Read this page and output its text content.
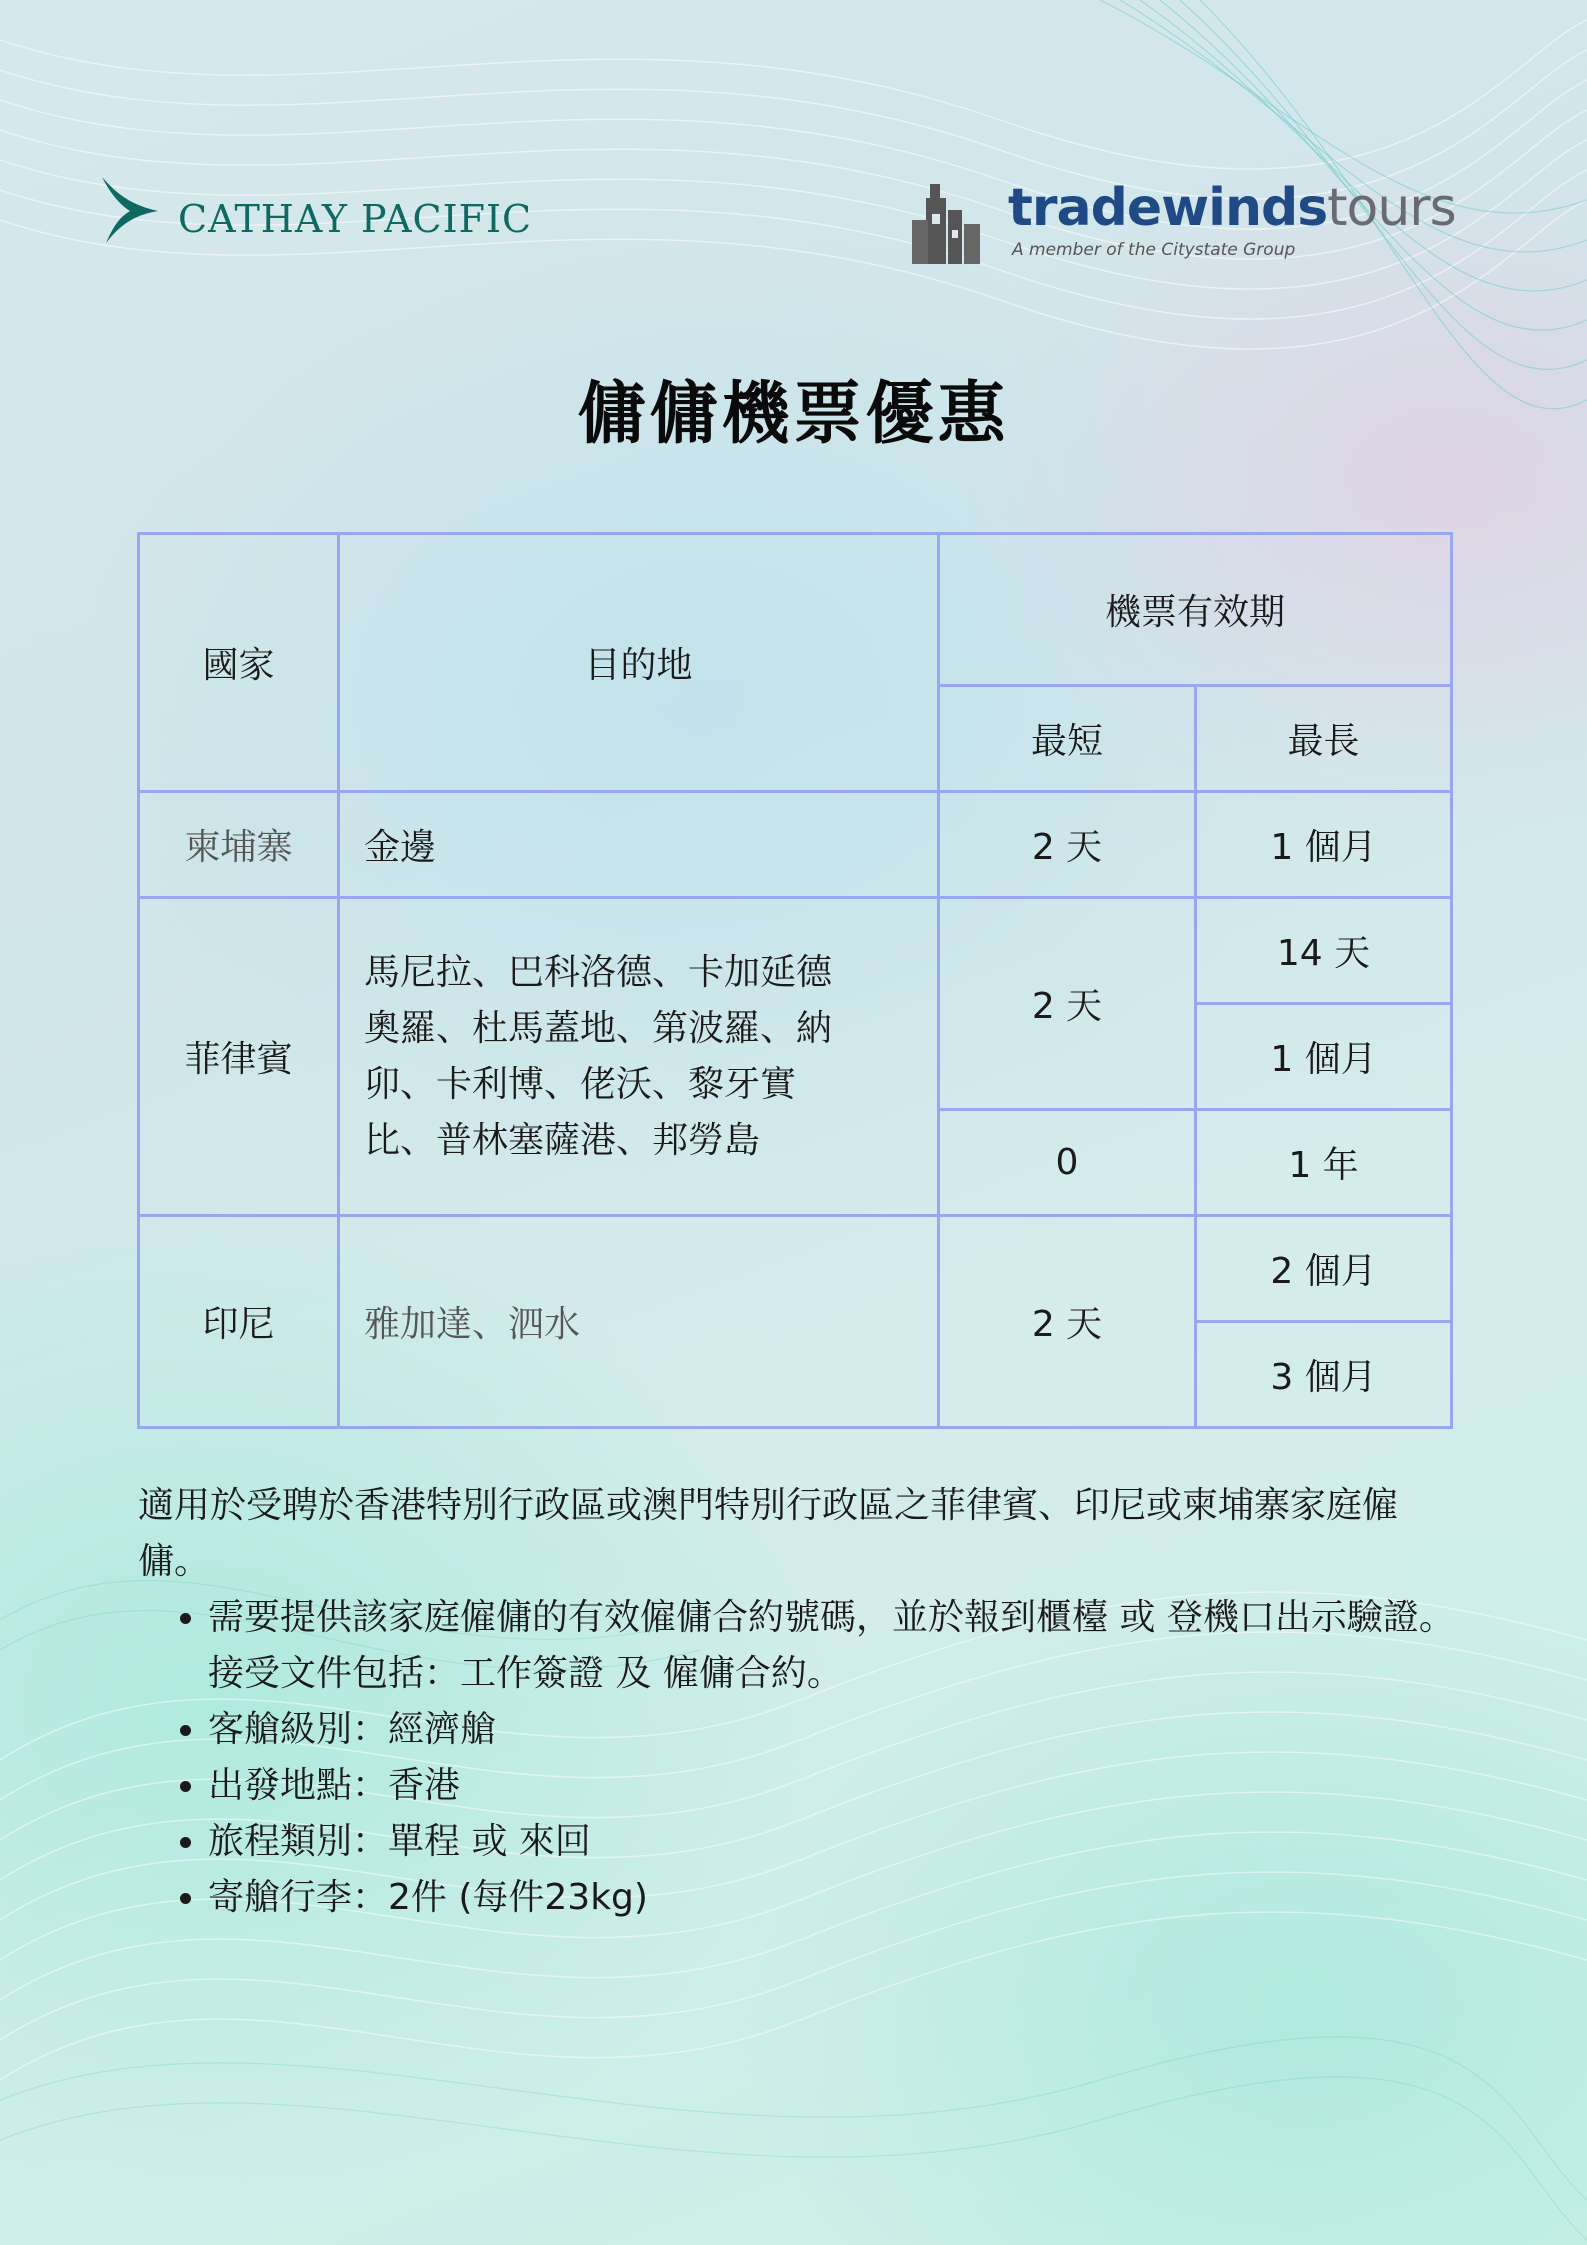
CATHAY PACIFIC	tradewindstours
A member of the Citystate Group
傭傭機票優惠
國家	目的地	機票有效期	
		最短	最長
柬埔寨	金邊	2 天	1 個月
菲律賓	馬尼拉、巴科洛德、卡加延德
奧羅、杜馬蓋地、第波羅、納
卯、卡利博、佬沃、黎牙實
比、普林塞薩港、邦勞島	2 天	14 天
			1 個月
		0	1 年
印尼	雅加達、泗水	2 天	2 個月
			3 個月

適用於受聘於香港特別行政區或澳門特別行政區之菲律賓、印尼或柬埔寨家庭僱傭。

• 需要提供該家庭僱傭的有效僱傭合約號碼，並於報到櫃檯 或 登機口出示驗證。接受文件包括：工作簽證 及 僱傭合約。
• 客艙級別：經濟艙
• 出發地點：香港
• 旅程類別：單程 或 來回
• 寄艙行李：2件 (每件23kg)
